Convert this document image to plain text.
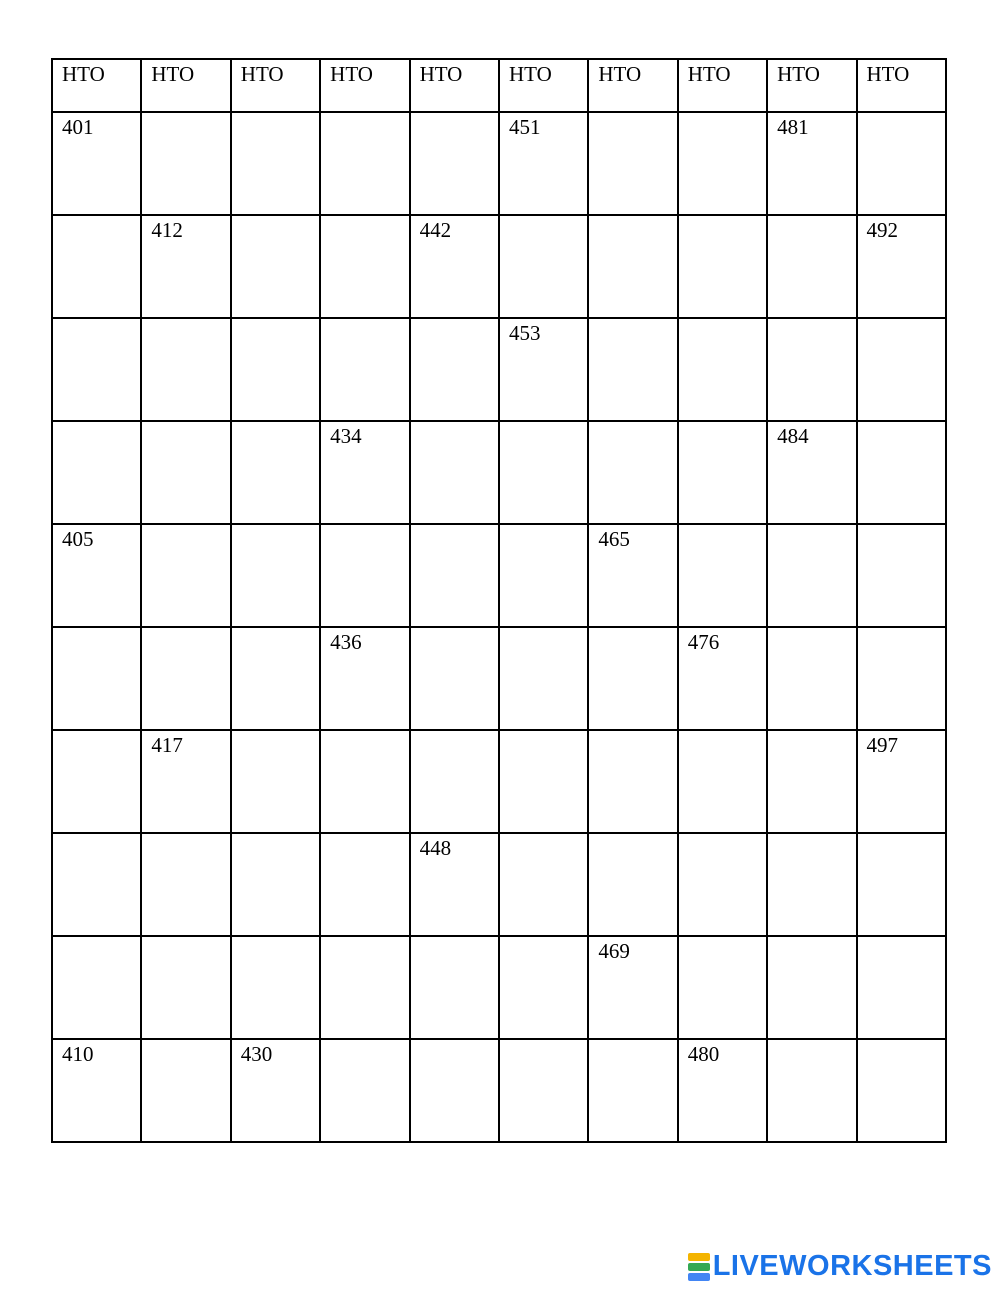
HTO	HTO	HTO	HTO	HTO	HTO	HTO	HTO	HTO	HTO
401					451			481	
	412			442					492
					453				
			434					484	
405						465			
			436				476		
	417								497
				448					
						469			
410		430					480		
LIVEWORKSHEETS
